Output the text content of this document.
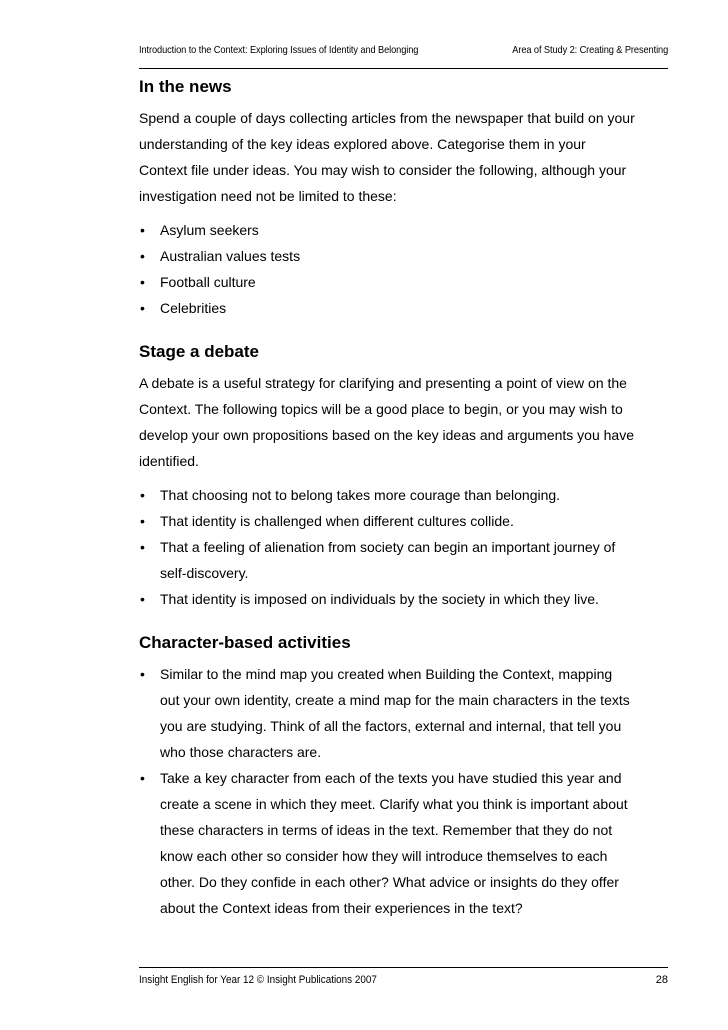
Introduction to the Context: Exploring Issues of Identity and Belonging	Area of Study 2: Creating & Presenting
In the news

Spend a couple of days collecting articles from the newspaper that build on your
understanding of the key ideas explored above. Categorise them in your
Context file under ideas. You may wish to consider the following, although your
investigation need not be limited to these:

• Asylum seekers
• Australian values tests
• Football culture
• Celebrities
Stage a debate

A debate is a useful strategy for clarifying and presenting a point of view on the
Context. The following topics will be a good place to begin, or you may wish to
develop your own propositions based on the key ideas and arguments you have
identified.

• That choosing not to belong takes more courage than belonging.
• That identity is challenged when different cultures collide.
• That a feeling of alienation from society can begin an important journey of
self-discovery.
• That identity is imposed on individuals by the society in which they live.
Character-based activities
• Similar to the mind map you created when Building the Context, mapping
out your own identity, create a mind map for the main characters in the texts
you are studying. Think of all the factors, external and internal, that tell you
who those characters are.
• Take a key character from each of the texts you have studied this year and
create a scene in which they meet. Clarify what you think is important about
these characters in terms of ideas in the text. Remember that they do not
know each other so consider how they will introduce themselves to each
other. Do they confide in each other? What advice or insights do they offer
about the Context ideas from their experiences in the text?
Insight English for Year 12 © Insight Publications 2007	28
